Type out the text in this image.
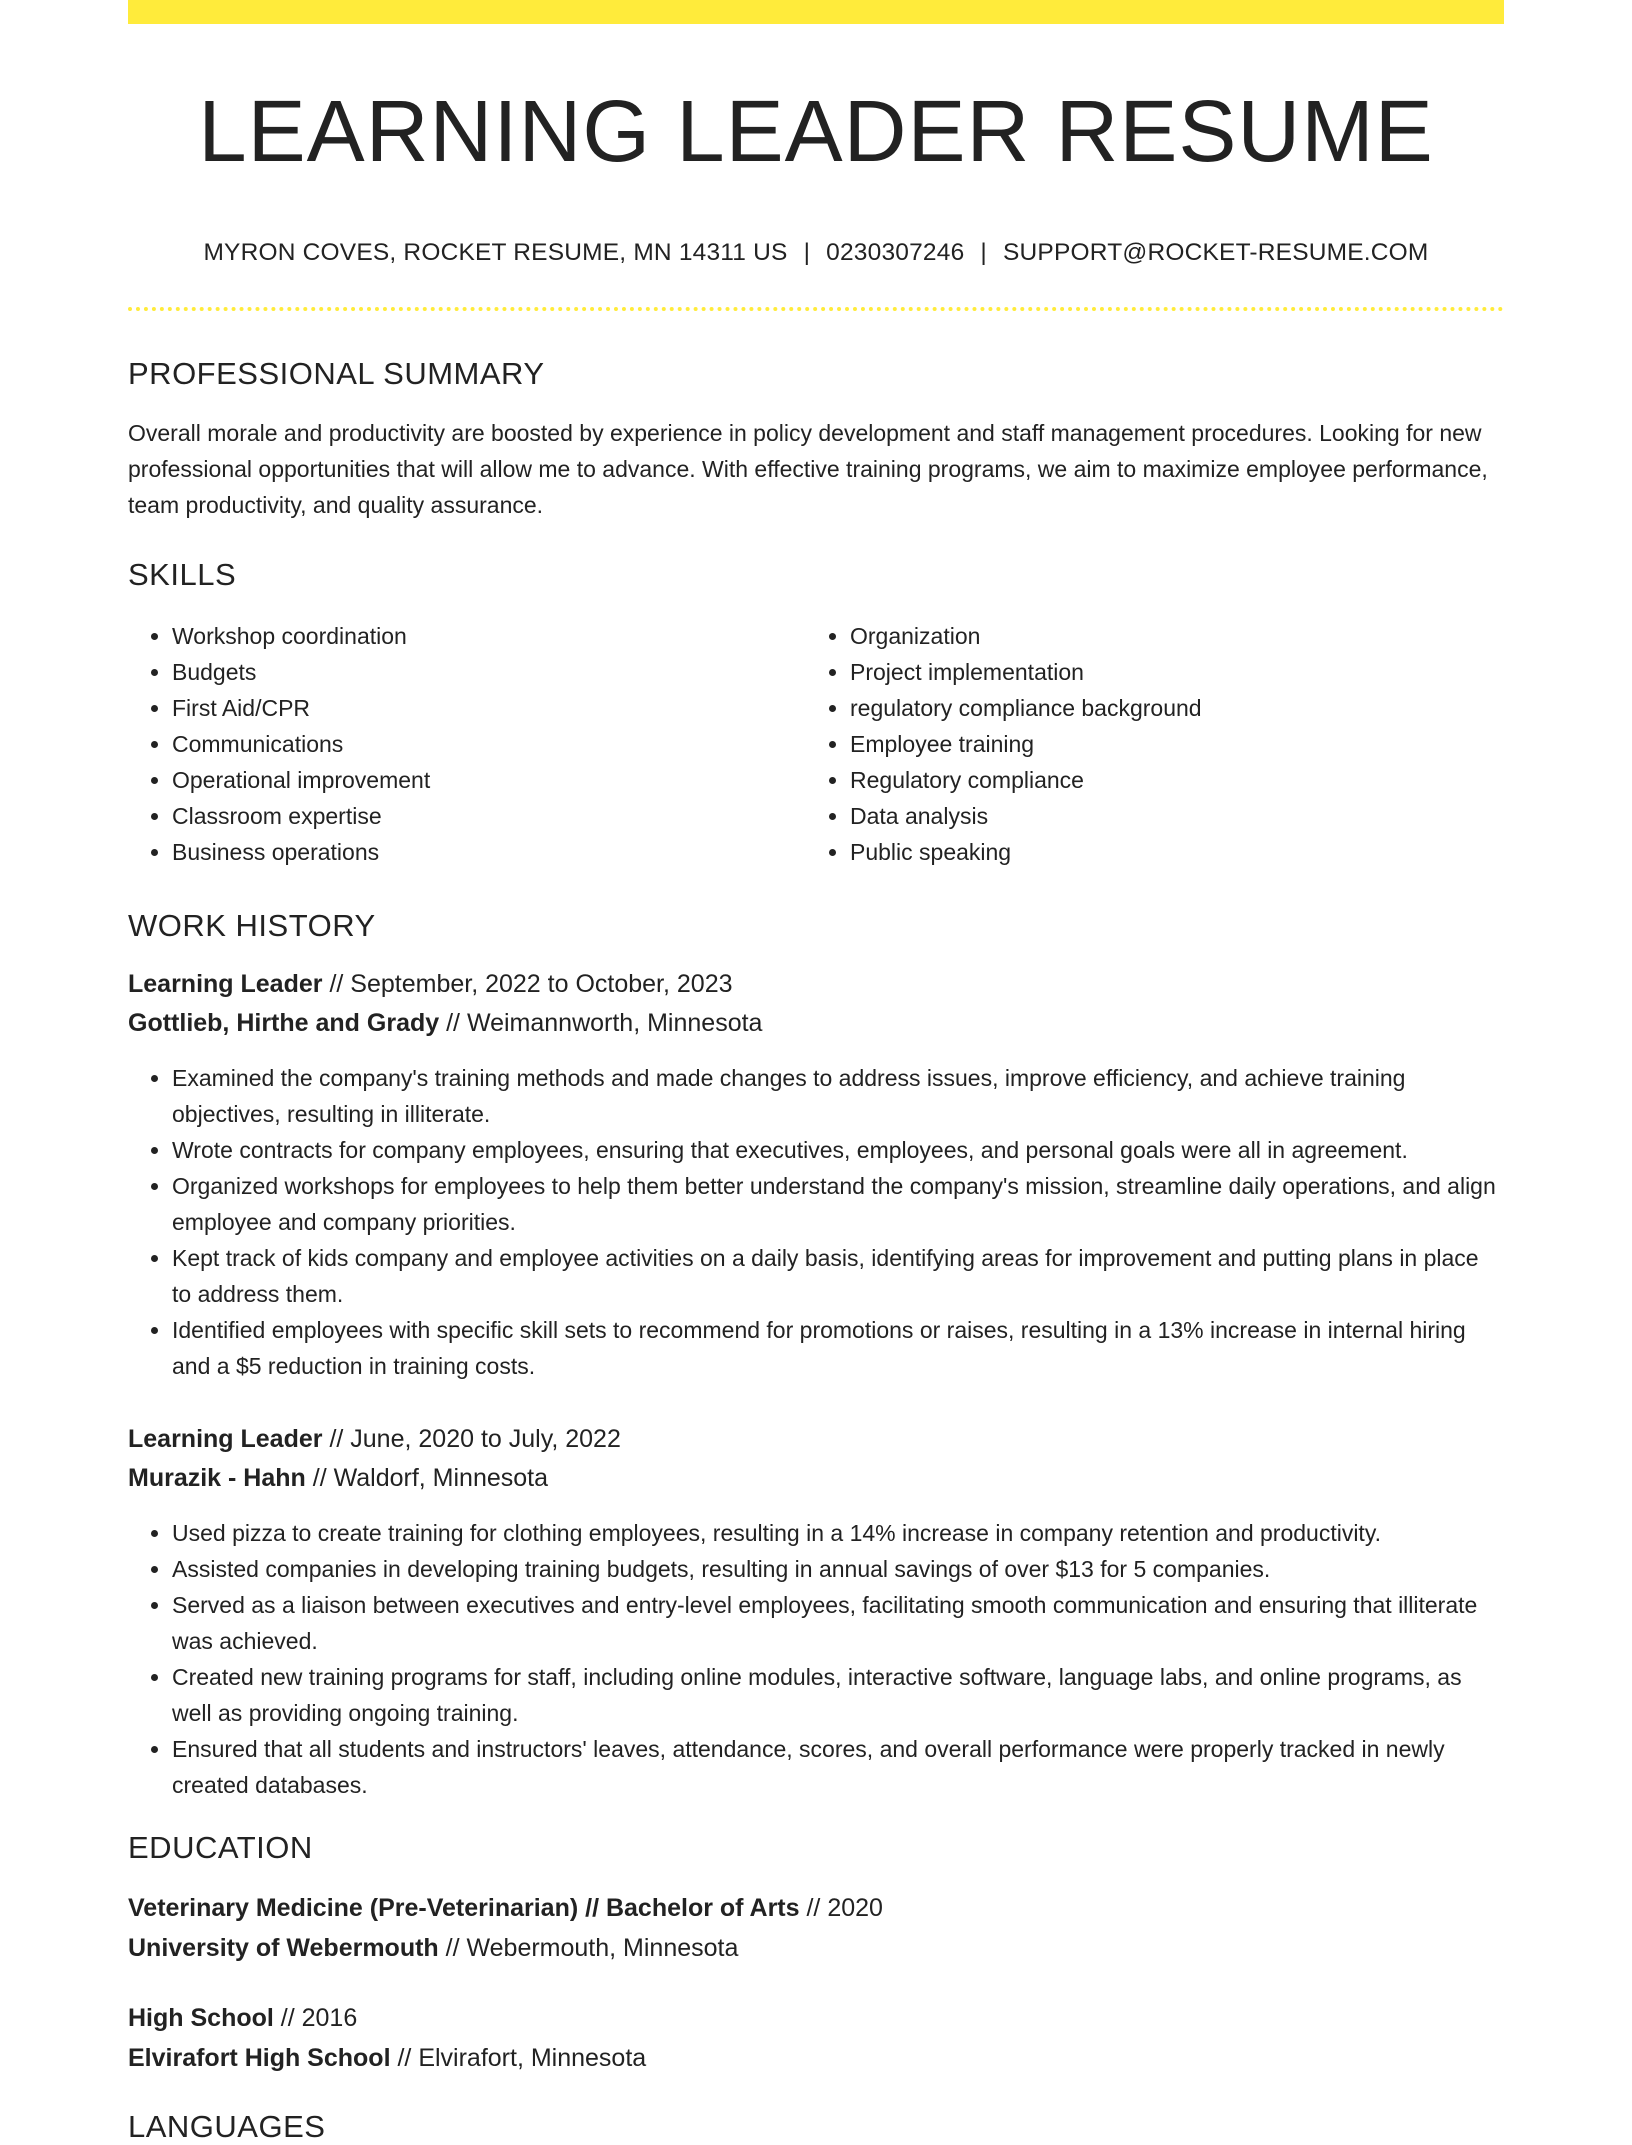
LEARNING LEADER RESUME
MYRON COVES, ROCKET RESUME, MN 14311 US | 0230307246 | SUPPORT@ROCKET-RESUME.COM
PROFESSIONAL SUMMARY

Overall morale and productivity are boosted by experience in policy development and staff management procedures. Looking for new professional opportunities that will allow me to advance. With effective training programs, we aim to maximize employee performance, team productivity, and quality assurance.

SKILLS
• Workshop coordination
• Budgets
• First Aid/CPR
• Communications
• Operational improvement
• Classroom expertise
• Business operations
• Organization
• Project implementation
• regulatory compliance background
• Employee training
• Regulatory compliance
• Data analysis
• Public speaking
WORK HISTORY
Learning Leader // September, 2022 to October, 2023
Gottlieb, Hirthe and Grady // Weimannworth, Minnesota
• Examined the company's training methods and made changes to address issues, improve efficiency, and achieve training objectives, resulting in illiterate.
• Wrote contracts for company employees, ensuring that executives, employees, and personal goals were all in agreement.
• Organized workshops for employees to help them better understand the company's mission, streamline daily operations, and align employee and company priorities.
• Kept track of kids company and employee activities on a daily basis, identifying areas for improvement and putting plans in place to address them.
• Identified employees with specific skill sets to recommend for promotions or raises, resulting in a 13% increase in internal hiring and a $5 reduction in training costs.
Learning Leader // June, 2020 to July, 2022
Murazik - Hahn // Waldorf, Minnesota
• Used pizza to create training for clothing employees, resulting in a 14% increase in company retention and productivity.
• Assisted companies in developing training budgets, resulting in annual savings of over $13 for 5 companies.
• Served as a liaison between executives and entry-level employees, facilitating smooth communication and ensuring that illiterate was achieved.
• Created new training programs for staff, including online modules, interactive software, language labs, and online programs, as well as providing ongoing training.
• Ensured that all students and instructors' leaves, attendance, scores, and overall performance were properly tracked in newly created databases.
EDUCATION
Veterinary Medicine (Pre-Veterinarian) // Bachelor of Arts // 2020
University of Webermouth // Webermouth, Minnesota
High School // 2016
Elvirafort High School // Elvirafort, Minnesota
LANGUAGES
